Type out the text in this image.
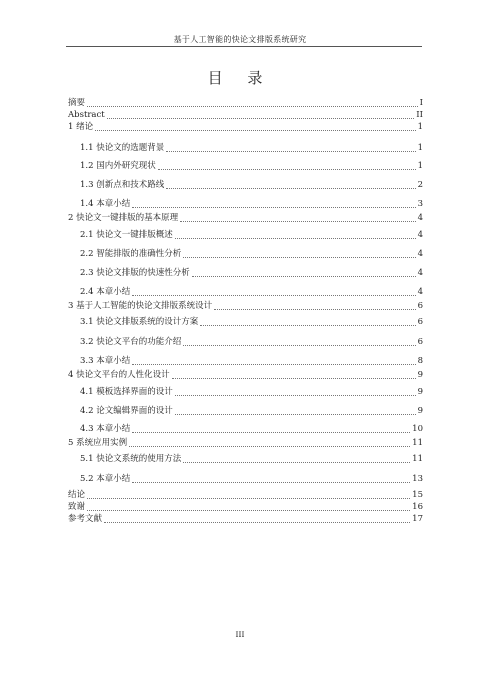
基于人工智能的快论文排版系统研究
目 录
摘要	I
Abstract	II
1 绪论	1
1.1 快论文的选题背景	1
1.2 国内外研究现状	1
1.3 创新点和技术路线	2
1.4 本章小结	3
2 快论文一键排版的基本原理	4
2.1 快论文一键排版概述	4
2.2 智能排版的准确性分析	4
2.3 快论文排版的快速性分析	4
2.4 本章小结	4
3 基于人工智能的快论文排版系统设计	6
3.1 快论文排版系统的设计方案	6
3.2 快论文平台的功能介绍	6
3.3 本章小结	8
4 快论文平台的人性化设计	9
4.1 模板选择界面的设计	9
4.2 论文编辑界面的设计	9
4.3 本章小结	10
5 系统应用实例	11
5.1 快论文系统的使用方法	11
5.2 本章小结	13
结论	15
致谢	16
参考文献	17
III
